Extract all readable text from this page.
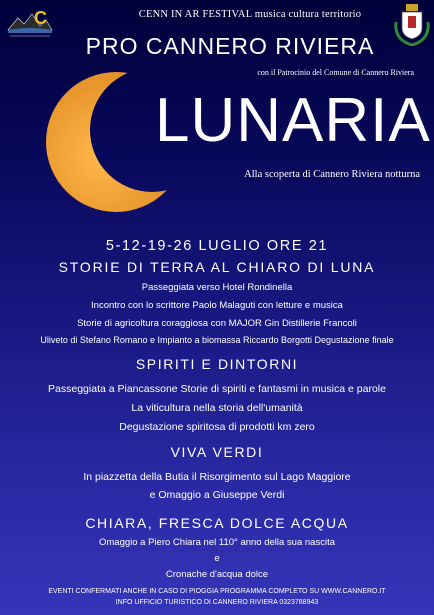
C	CENN IN AR FESTIVAL musica cultura territorio
PRO CANNERO RIVIERA
con il Patrocinio del Comune di Cannero Riviera
LUNARIA
Alla scoperta di Cannero Riviera notturna
5-12-19-26 LUGLIO ORE 21
STORIE DI TERRA AL CHIARO DI LUNA
Passeggiata verso Hotel Rondinella
Incontro con lo scrittore Paolo Malaguti con letture e musica
Storie di agricoltura coraggiosa con MAJOR Gin Distillerie Francoli
Uliveto di Stefano Romano e Impianto a biomassa Riccardo Borgotti Degustazione finale
SPIRITI E DINTORNI
Passeggiata a Piancassone Storie di spiriti e fantasmi in musica e parole
La viticultura nella storia dell'umanità
Degustazione spiritosa di prodotti km zero
VIVA VERDI
In piazzetta della Butia il Risorgimento sul Lago Maggiore
e Omaggio a Giuseppe Verdi
CHIARA, FRESCA DOLCE ACQUA
Omaggio a Piero Chiara nel 110° anno della sua nascita
e
Cronache d'acqua dolce
EVENTI CONFERMATI ANCHE IN CASO DI PIOGGIA PROGRAMMA COMPLETO SU WWW.CANNERO.IT
INFO UFFICIO TURISTICO DI CANNERO RIVIERA 0323788943
